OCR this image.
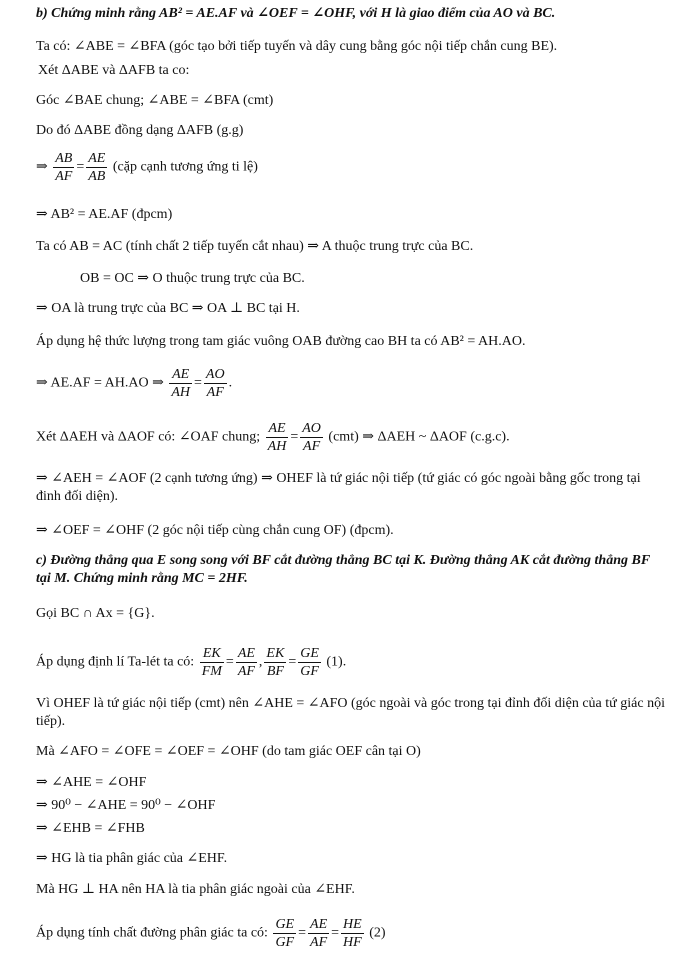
b) Chứng minh rằng AB² = AE.AF và ∠OEF = ∠OHF, với H là giao điểm của AO và BC.
Ta có: ∠ABE = ∠BFA (góc tạo bởi tiếp tuyến và dây cung bằng góc nội tiếp chắn cung BE).
Xét ΔABE và ΔAFB ta co:
Góc ∠BAE chung; ∠ABE = ∠BFA (cmt)
Do đó ΔABE đồng dạng ΔAFB (g.g)
⇒ $\frac{AB}{AF} = \frac{AE}{AB}$ (cặp cạnh tương ứng ti lệ)
⇒ AB² = AE.AF (đpcm)
Ta có AB = AC (tính chất 2 tiếp tuyến cắt nhau) ⇒ A thuộc trung trực của BC.
OB = OC ⇒ O thuộc trung trực của BC.
⇒ OA là trung trực của BC ⇒ OA ⊥ BC tại H.
Áp dụng hệ thức lượng trong tam giác vuông OAB đường cao BH ta có AB² = AH.AO.
⇒ AE.AF = AH.AO ⇒ $\frac{AE}{AH} = \frac{AO}{AF}$ .
Xét ΔAEH và ΔAOF có: ∠OAF chung; $\frac{AE}{AH} = \frac{AO}{AF} (cmt)$ ⇒ ΔAEH ~ ΔAOF (c.g.c).
⇒ ∠AEH = ∠AOF (2 cạnh tương ứng) ⇒ OHEF là tứ giác nội tiếp (tứ giác có góc ngoài bằng gốc trong tại đinh đối diện).
⇒ ∠OEF = ∠OHF (2 góc nội tiếp cùng chắn cung OF) (đpcm).
c) Đường thẳng qua E song song với BF cắt đường thẳng BC tại K. Đường thẳng AK cắt đường thẳng BF tại M. Chứng minh rằng MC = 2HF.
Gọi BC ∩ Ax = {G}.
Áp dụng định lí Ta-lét ta có: $\frac{EK}{FM} = \frac{AE}{AF}$ , $\frac{EK}{BF} = \frac{GE}{GF} (1)$.
Vì OHEF là tứ giác nội tiếp (cmt) nên ∠AHE = ∠AFO (góc ngoài và góc trong tại đỉnh đối diện của tứ giác nội tiếp).
Mà ∠AFO = ∠OFE = ∠OEF = ∠OHF (do tam giác OEF cân tại O)
⇒ ∠AHE = ∠OHF
⇒ 90⁰ − ∠AHE = 90⁰ − ∠OHF
⇒ ∠EHB = ∠FHB
⇒ HG là tia phân giác của ∠EHF.
Mà HG ⊥ HA nên HA là tia phân giác ngoài của ∠EHF.
Áp dụng tính chất đường phân giác ta có: $\frac{GE}{GF} = \frac{AE}{AF} = \frac{HE}{HF} (2)$
